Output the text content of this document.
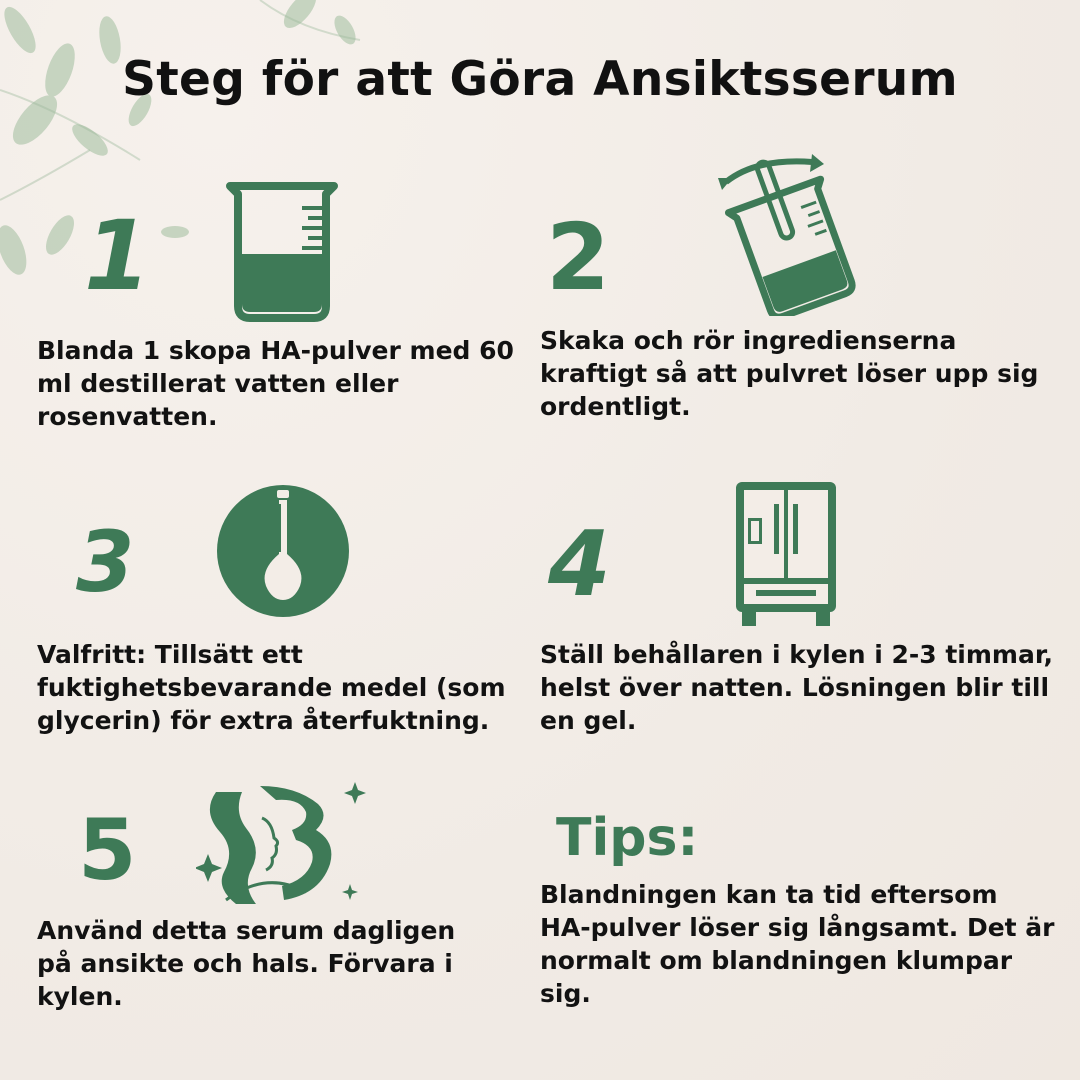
Steg för att Göra Ansiktsserum
1
Blanda 1 skopa HA-pulver med 60
ml destillerat vatten eller
rosenvatten.
2
Skaka och rör ingredienserna
kraftigt så att pulvret löser upp sig
ordentligt.
3
Valfritt: Tillsätt ett
fuktighetsbevarande medel (som
glycerin) för extra återfuktning.
4
Ställ behållaren i kylen i 2-3 timmar,
helst över natten. Lösningen blir till
en gel.
5
Använd detta serum dagligen
på ansikte och hals. Förvara i
kylen.
Tips:
Blandningen kan ta tid eftersom
HA-pulver löser sig långsamt. Det är
normalt om blandningen klumpar
sig.
